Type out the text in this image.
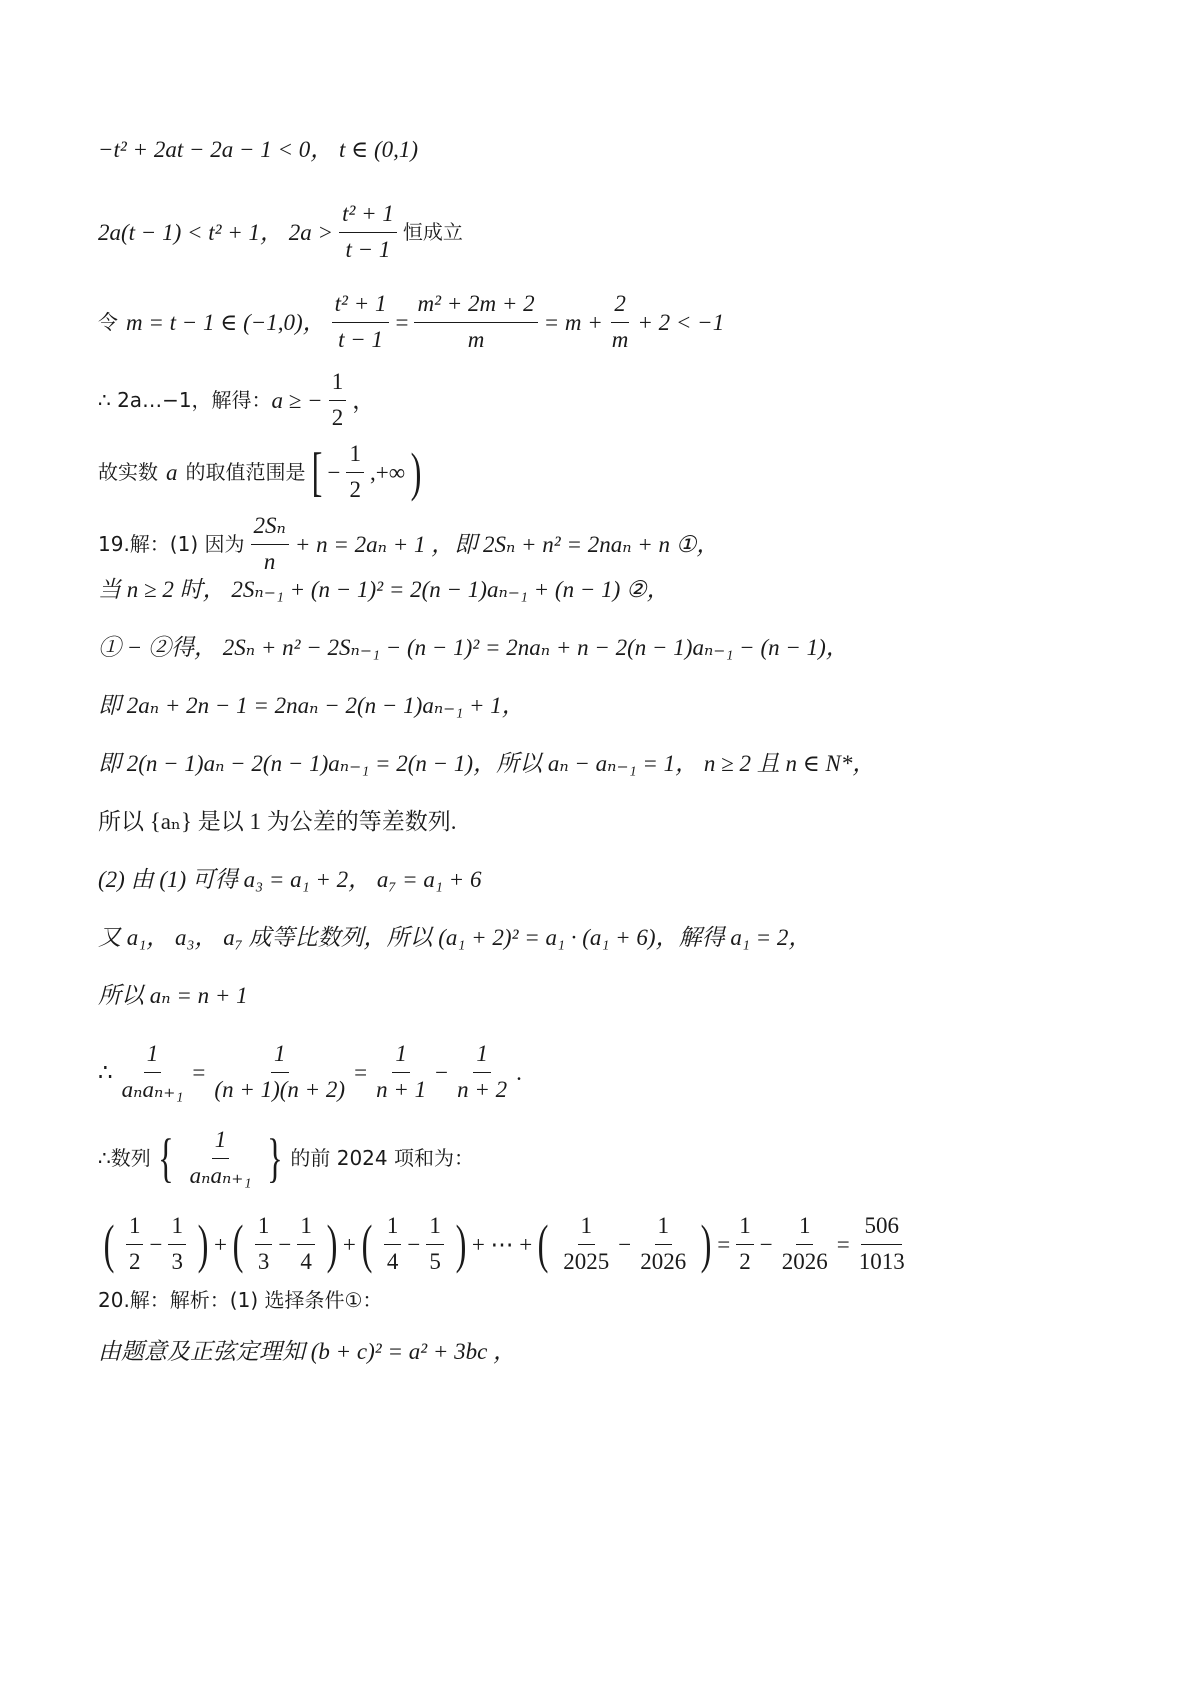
−t² + 2at − 2a − 1 < 0， t ∈ (0,1)
2a(t − 1) < t² + 1， $2a > \frac{\text{t² + 1}}{t - 1}$ 恒成立
令 m = t − 1 ∈ (−1,0)， $\frac{\text{t² + 1}}{t - 1} = \frac{\text{m² + 2m + 2}}{m} = m + \frac{2}{m} + 2 < -1$
∴ 2a…−1，解得： a ≥ − $\frac{1}{2}$ ，
故实数 a 的取值范围是 [ − $\frac{1}{2}$ ,+∞ )
19.解：(1) 因为 $\frac{\text{2Sₙ}}{n} + n = 2a_n + 1$ ，即 2Sₙ + n² = 2naₙ + n ①，
当 n ≥ 2 时， 2Sₙ₋₁ + (n − 1)² = 2(n − 1)aₙ₋₁ + (n − 1) ②，
① − ②得， 2Sₙ + n² − 2Sₙ₋₁ − (n − 1)² = 2naₙ + n − 2(n − 1)aₙ₋₁ − (n − 1)，
即 2aₙ + 2n − 1 = 2naₙ − 2(n − 1)aₙ₋₁ + 1，
即 2(n − 1)aₙ − 2(n − 1)aₙ₋₁ = 2(n − 1)，所以 aₙ − aₙ₋₁ = 1， n ≥ 2 且 n ∈ N*，
所以 {aₙ} 是以 1 为公差的等差数列.
(2) 由 (1) 可得 a₃ = a₁ + 2， a₇ = a₁ + 6
又 a₁， a₃， a₇ 成等比数列，所以 (a₁ + 2)² = a₁ · (a₁ + 6)，解得 a₁ = 2，
所以 aₙ = n + 1
∴ $\frac{1}{\text{aₙaₙ₊₁}} = \frac{1}{(n + 1)(n + 2)} = \frac{1}{n + 1} - \frac{1}{n + 2}$ .
∴数列 { $\frac{1}{\text{aₙaₙ₊₁}}$ } 的前 2024 项和为：
( $\frac{1}{2} - \frac{1}{3}$ ) + ( $\frac{1}{3} - \frac{1}{4}$ ) + ( $\frac{1}{4} - \frac{1}{5}$ ) + ⋯ + ( $\frac{1}{2025} - \frac{1}{2026}$ ) = $\frac{1}{2} - \frac{1}{2026} = \frac{506}{1013}$
20.解：解析：(1) 选择条件①：
由题意及正弦定理知 (b + c)² = a² + 3bc ，
